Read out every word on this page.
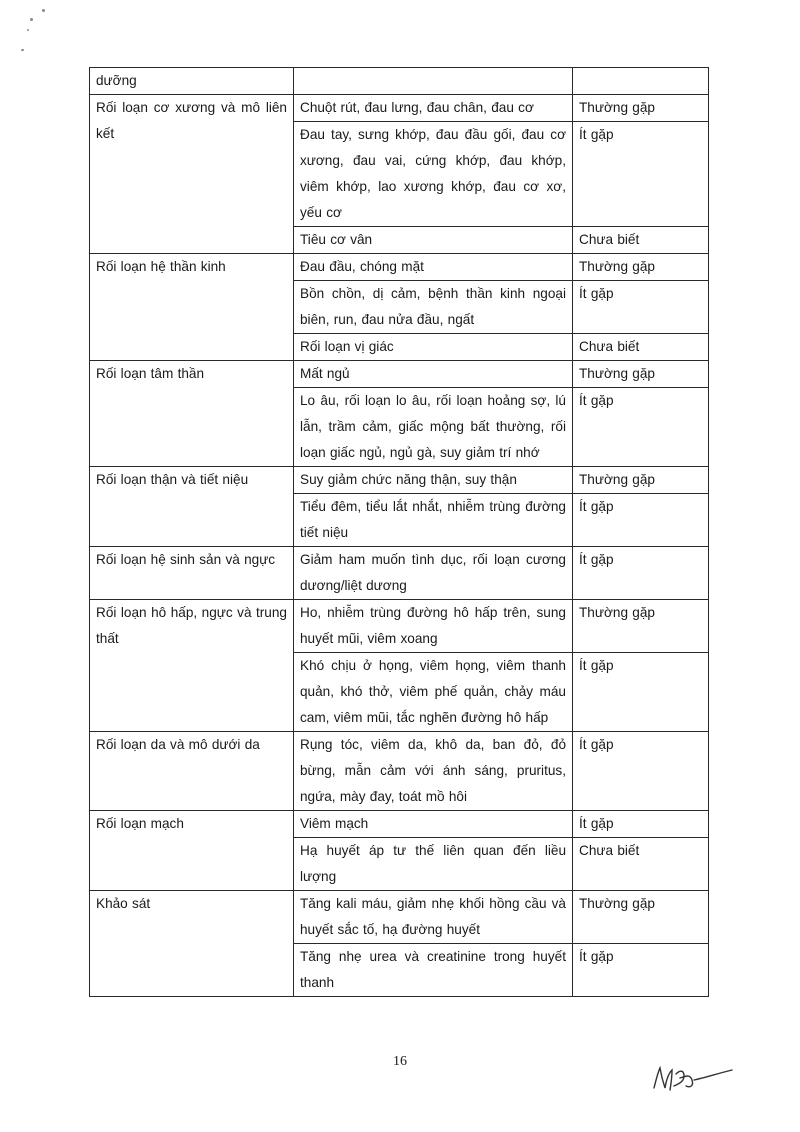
dưỡng		
Rối loạn cơ xương và mô liên kết	Chuột rút, đau lưng, đau chân, đau cơ	Thường gặp
	Đau tay, sưng khớp, đau đầu gối, đau cơ xương, đau vai, cứng khớp, đau khớp, viêm khớp, lao xương khớp, đau cơ xơ, yếu cơ	Ít gặp
	Tiêu cơ vân	Chưa biết
Rối loạn hệ thần kinh	Đau đầu, chóng mặt	Thường gặp
	Bồn chồn, dị cảm, bệnh thần kinh ngoại biên, run, đau nửa đầu, ngất	Ít gặp
	Rối loạn vị giác	Chưa biết
Rối loạn tâm thần	Mất ngủ	Thường gặp
	Lo âu, rối loạn lo âu, rối loạn hoảng sợ, lú lẫn, trầm cảm, giấc mộng bất thường, rối loạn giấc ngủ, ngủ gà, suy giảm trí nhớ	Ít gặp
Rối loạn thận và tiết niệu	Suy giảm chức năng thận, suy thận	Thường gặp
	Tiểu đêm, tiểu lắt nhắt, nhiễm trùng đường tiết niệu	Ít gặp
Rối loạn hệ sinh sản và ngực	Giảm ham muốn tình dục, rối loạn cương dương/liệt dương	Ít gặp
Rối loạn hô hấp, ngực và trung thất	Ho, nhiễm trùng đường hô hấp trên, sung huyết mũi, viêm xoang	Thường gặp
	Khó chịu ở họng, viêm họng, viêm thanh quản, khó thở, viêm phế quản, chảy máu cam, viêm mũi, tắc nghẽn đường hô hấp	Ít gặp
Rối loạn da và mô dưới da	Rụng tóc, viêm da, khô da, ban đỏ, đỏ bừng, mẫn cảm với ánh sáng, pruritus, ngứa, mày đay, toát mồ hôi	Ít gặp
Rối loạn mạch	Viêm mạch	Ít gặp
	Hạ huyết áp tư thế liên quan đến liều lượng	Chưa biết
Khảo sát	Tăng kali máu, giảm nhẹ khối hồng cầu và huyết sắc tố, hạ đường huyết	Thường gặp
	Tăng nhẹ urea và creatinine trong huyết thanh	Ít gặp
16
